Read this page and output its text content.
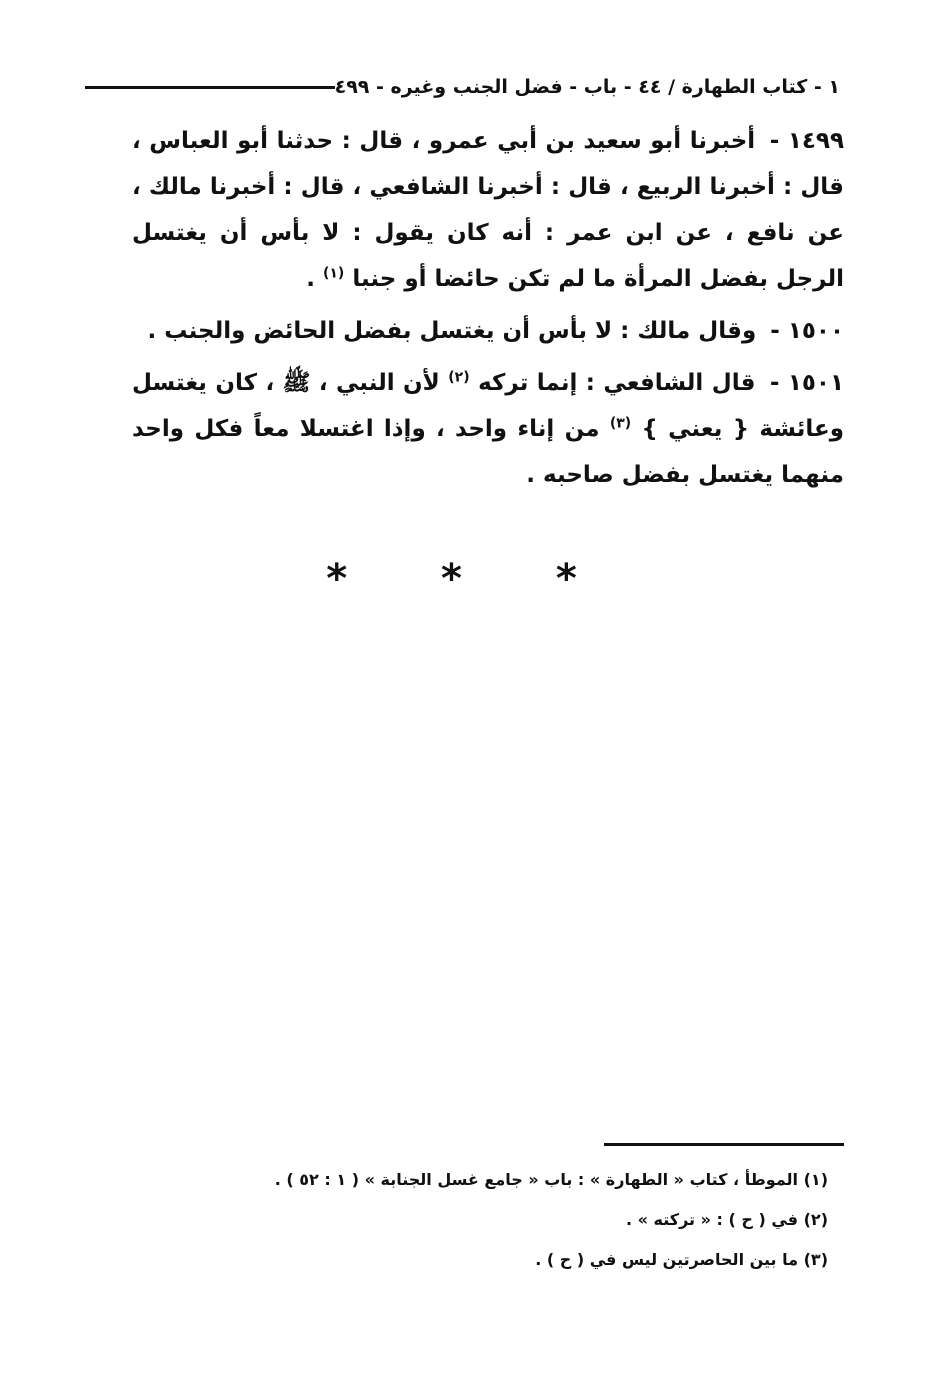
١ - كتاب الطهارة / ٤٤ - باب - فضل الجنب وغيره - ٤٩٩

١٤٩٩ - أخبرنا أبو سعيد بن أبي عمرو ، قال : حدثنا أبو العباس ، قال : أخبرنا الربيع ، قال : أخبرنا الشافعي ، قال : أخبرنا مالك ، عن نافع ، عن ابن عمر : أنه كان يقول : لا بأس أن يغتسل الرجل بفضل المرأة ما لم تكن حائضا أو جنبا $^{(١)}$ .

١٥٠٠ - وقال مالك : لا بأس أن يغتسل بفضل الحائض والجنب .

١٥٠١ - قال الشافعي : إنما تركه $^{(٢)}$ لأن النبي ، ﷺ ، كان يغتسل وعائشة { يعني } $^{(٣)}$ من إناء واحد ، وإذا اغتسلا معاً فكل واحد منهما يغتسل بفضل صاحبه .

* * *

(١) الموطأ ، كتاب « الطهارة » : باب « جامع غسل الجنابة » ( ١ : ٥٢ ) .

(٢) في ( ح ) : « تركته » .

(٣) ما بين الحاصرتين ليس في ( ح ) .
